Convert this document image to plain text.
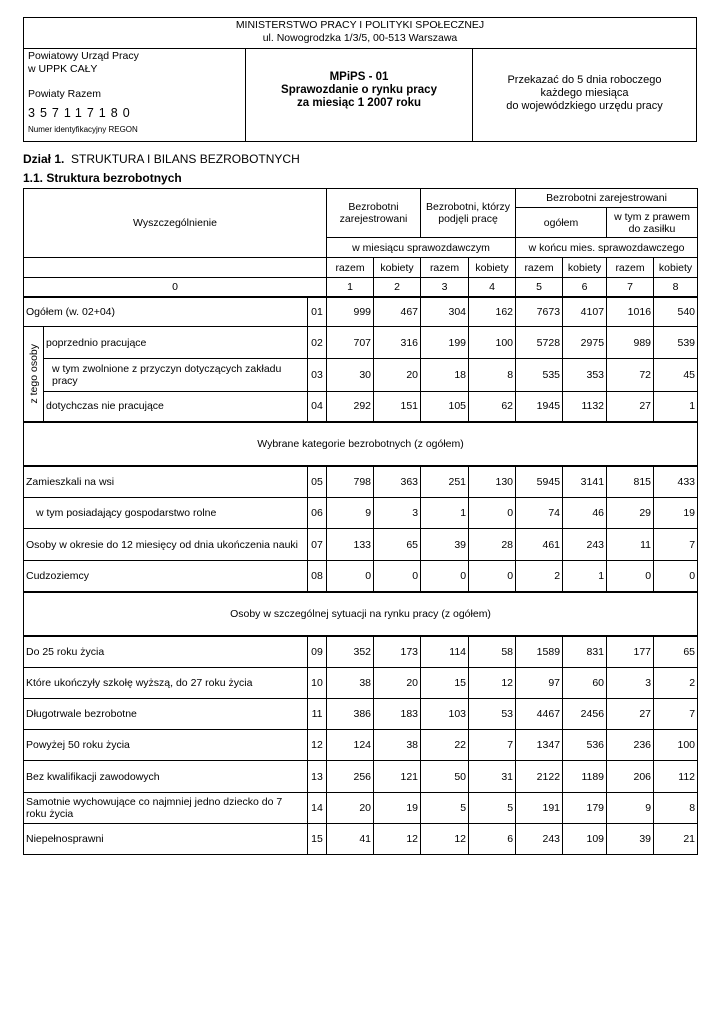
MINISTERSTWO PRACY I POLITYKI SPOŁECZNEJ
ul. Nowogrodzka 1/3/5, 00-513 Warszawa
Powiatowy Urząd Pracy
w UPPK CAŁY
Powiaty Razem
357117180
Numer identyfikacyjny REGON
MPiPS - 01
Sprawozdanie o rynku pracy
za miesiąc 1 2007 roku
Przekazać do 5 dnia roboczego
każdego miesiąca
do wojewódzkiego urzędu pracy
Dział 1. STRUKTURA I BILANS BEZROBOTNYCH
1.1. Struktura bezrobotnych
Wyszczególnienie			Bezrobotni zarejestrowani		Bezrobotni, którzy podjęli pracę		Bezrobotni zarejestrowani			
							ogółem		w tym z prawem do zasiłku	
			w miesiącu sprawozdawczym				w końcu mies. sprawozdawczego			
			razem	kobiety	razem	kobiety	razem	kobiety	razem	kobiety
0			1	2	3	4	5	6	7	8
Ogółem (w. 02+04)		01	999	467	304	162	7673	4107	1016	540

z tego osoby	poprzednio pracujące	02	707	316	199	100	5728	2975	989	539
	w tym zwolnione z przyczyn dotyczących zakładu pracy	03	30	20	18	8	535	353	72	45
	dotychczas nie pracujące	04	292	151	105	62	1945	1132	27	1
Wybrane kategorie bezrobotnych (z ogółem)										
Zamieszkali na wsi		05	798	363	251	130	5945	3141	815	433
w tym posiadający gospodarstwo rolne		06	9	3	1	0	74	46	29	19
Osoby w okresie do 12 miesięcy od dnia ukończenia nauki		07	133	65	39	28	461	243	11	7
Cudzoziemcy		08	0	0	0	0	2	1	0	0
Osoby w szczególnej sytuacji na rynku pracy (z ogółem)										
Do 25 roku życia		09	352	173	114	58	1589	831	177	65
Które ukończyły szkołę wyższą, do 27 roku życia		10	38	20	15	12	97	60	3	2
Długotrwale bezrobotne		11	386	183	103	53	4467	2456	27	7
Powyżej 50 roku życia		12	124	38	22	7	1347	536	236	100
Bez kwalifikacji zawodowych		13	256	121	50	31	2122	1189	206	112
Samotnie wychowujące co najmniej jedno dziecko do 7 roku życia		14	20	19	5	5	191	179	9	8
Niepełnosprawni		15	41	12	12	6	243	109	39	21
